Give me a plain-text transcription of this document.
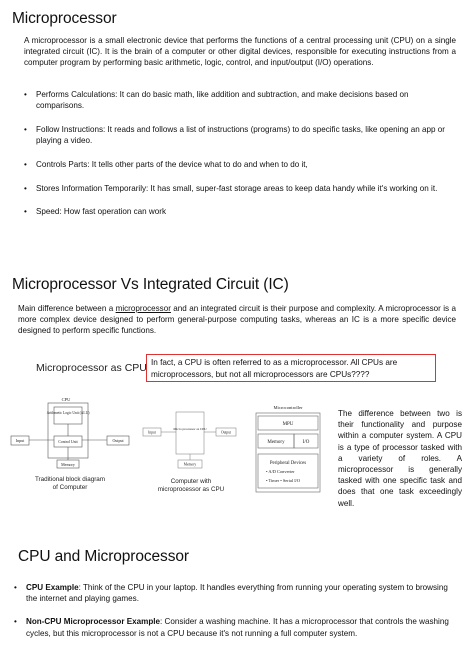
Microprocessor
A microprocessor is a small electronic device that performs the functions of a central processing unit (CPU) on a single integrated circuit (IC). It is the brain of a computer or other digital devices, responsible for executing instructions from a computer program by performing basic arithmetic, logic, control, and input/output (I/O) operations.
• Performs Calculations: It can do basic math, like addition and subtraction, and make decisions based on comparisons.
• Follow Instructions: It reads and follows a list of instructions (programs) to do specific tasks, like opening an app or playing a video.
• Controls Parts: It tells other parts of the device what to do and when to do it,
• Stores Information Temporarily: It has small, super-fast storage areas to keep data handy while it's working on it.
• Speed: How fast operation can work
Microprocessor Vs Integrated Circuit (IC)
Main difference between a microprocessor and an integrated circuit is their purpose and complexity. A microprocessor is a more complex device designed to perform general-purpose computing tasks, whereas an IC is a more specific device designed to perform specific functions.
Microprocessor as CPU In fact, a CPU is often referred to as a microprocessor. All CPUs are microprocessors, but not all microprocessors are CPUs????
CPU
Arithmetic Logic Unit (ALU)
Control Unit
Input	Output
Memory
Traditional block diagram of Computer
Input
Micro processor as CPU
Output
Memory
Computer with microprocessor as CPU
Microcontroller
MPU
Memory	I/O
Peripheral Devices
• A/D Converter
• Timer • Serial I/O
The difference between two is their functionality and purpose within a computer system. A CPU is a type of processor tasked with a variety of roles. A microprocessor is generally tasked with one specific task and does that one task exceedingly well.
CPU and Microprocessor
• CPU Example: Think of the CPU in your laptop. It handles everything from running your operating system to browsing the internet and playing games.
• Non-CPU Microprocessor Example: Consider a washing machine. It has a microprocessor that controls the washing cycles, but this microprocessor is not a CPU because it's not running a full computer system.
